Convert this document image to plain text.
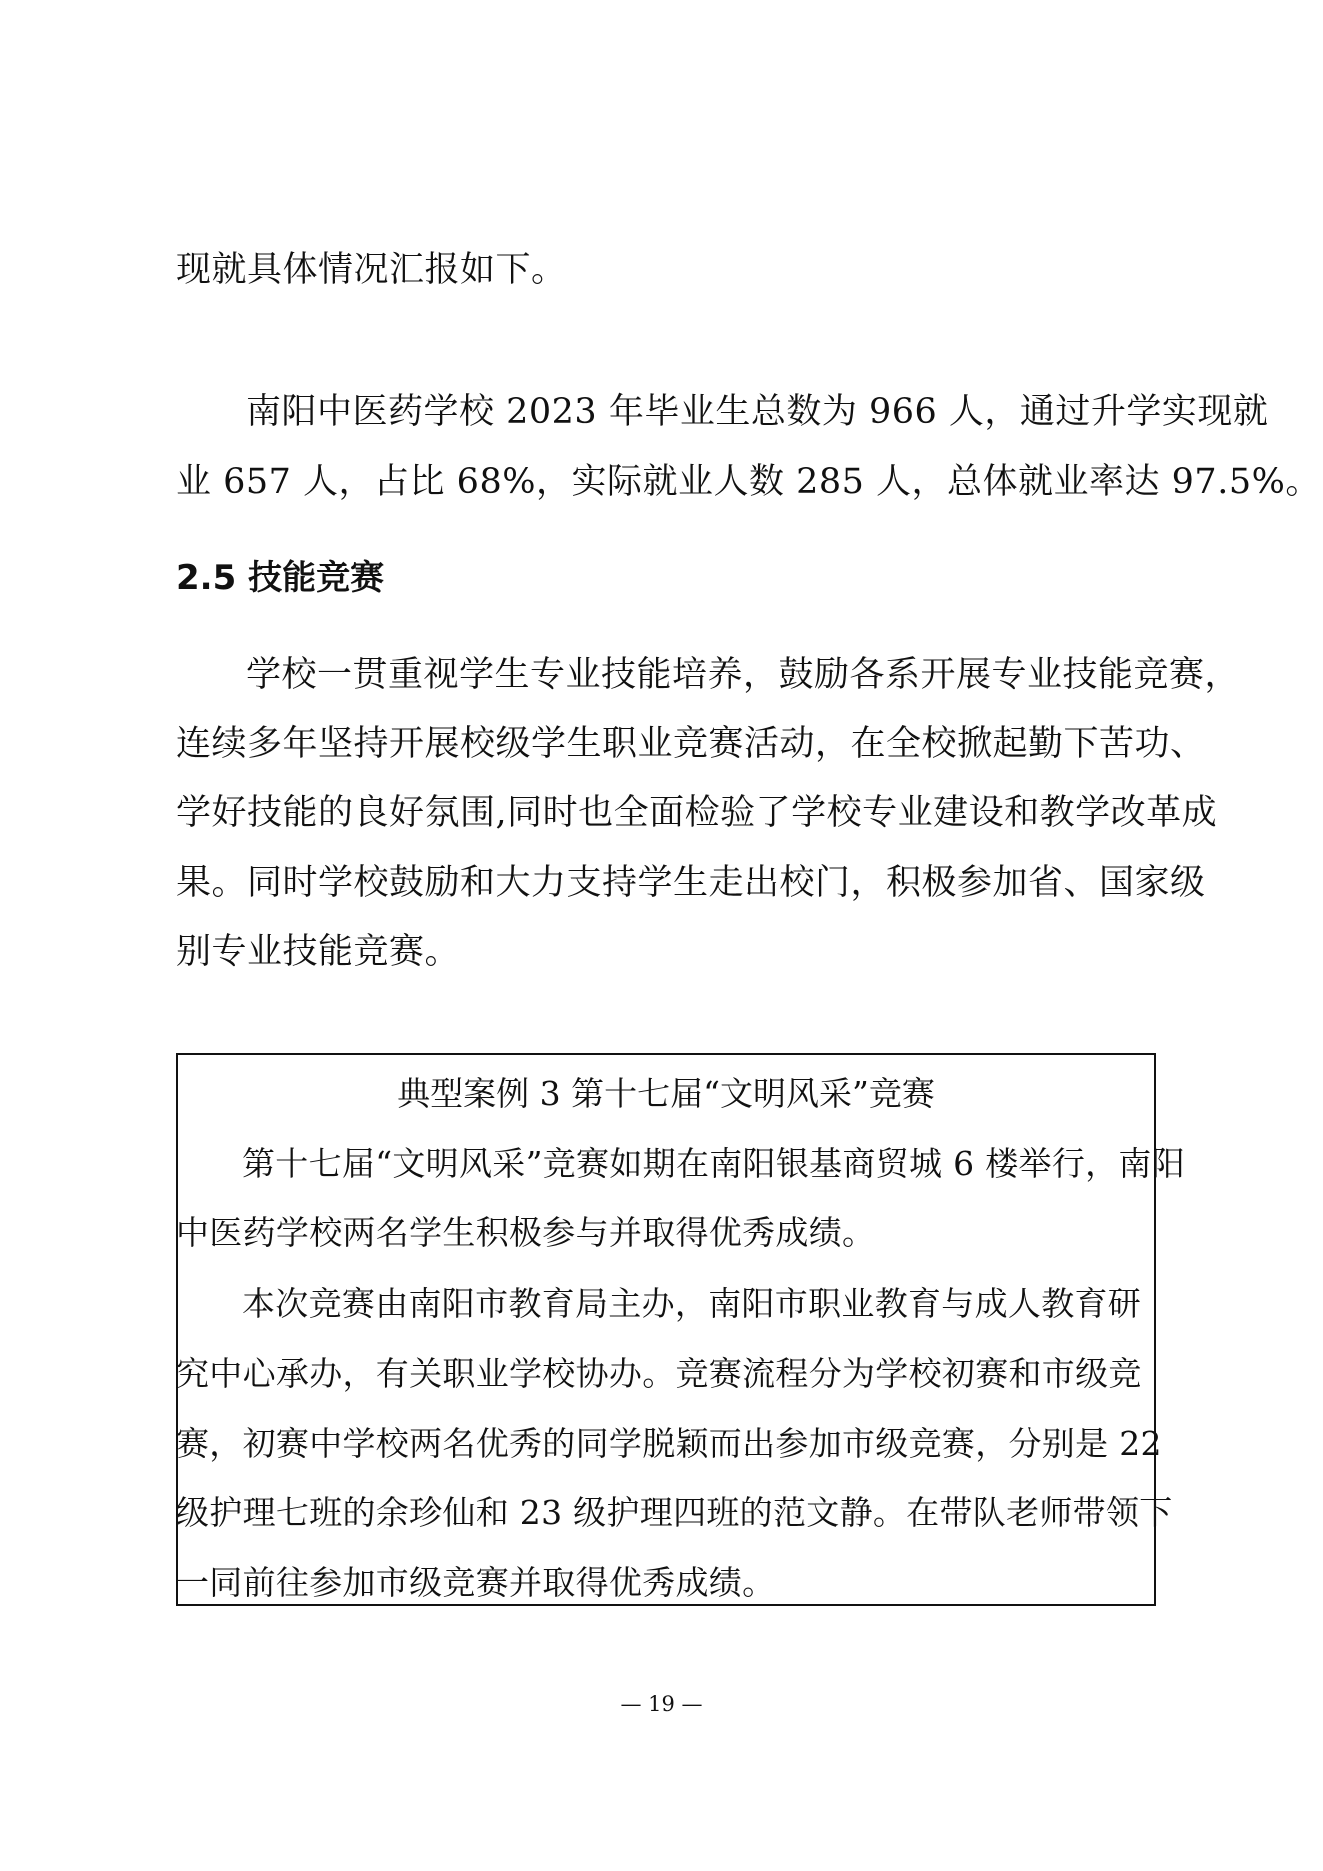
现就具体情况汇报如下。
南阳中医药学校 2023 年毕业生总数为 966 人，通过升学实现就
业 657 人，占比 68%，实际就业人数 285 人，总体就业率达 97.5%。
2.5 技能竞赛
学校一贯重视学生专业技能培养，鼓励各系开展专业技能竞赛，
连续多年坚持开展校级学生职业竞赛活动，在全校掀起勤下苦功、
学好技能的良好氛围,同时也全面检验了学校专业建设和教学改革成
果。同时学校鼓励和大力支持学生走出校门，积极参加省、国家级
别专业技能竞赛。
典型案例 3 第十七届“文明风采”竞赛
第十七届“文明风采”竞赛如期在南阳银基商贸城 6 楼举行，南阳
中医药学校两名学生积极参与并取得优秀成绩。
本次竞赛由南阳市教育局主办，南阳市职业教育与成人教育研
究中心承办，有关职业学校协办。竞赛流程分为学校初赛和市级竞
赛，初赛中学校两名优秀的同学脱颖而出参加市级竞赛，分别是 22
级护理七班的余珍仙和 23 级护理四班的范文静。在带队老师带领下
一同前往参加市级竞赛并取得优秀成绩。
— 19 —
